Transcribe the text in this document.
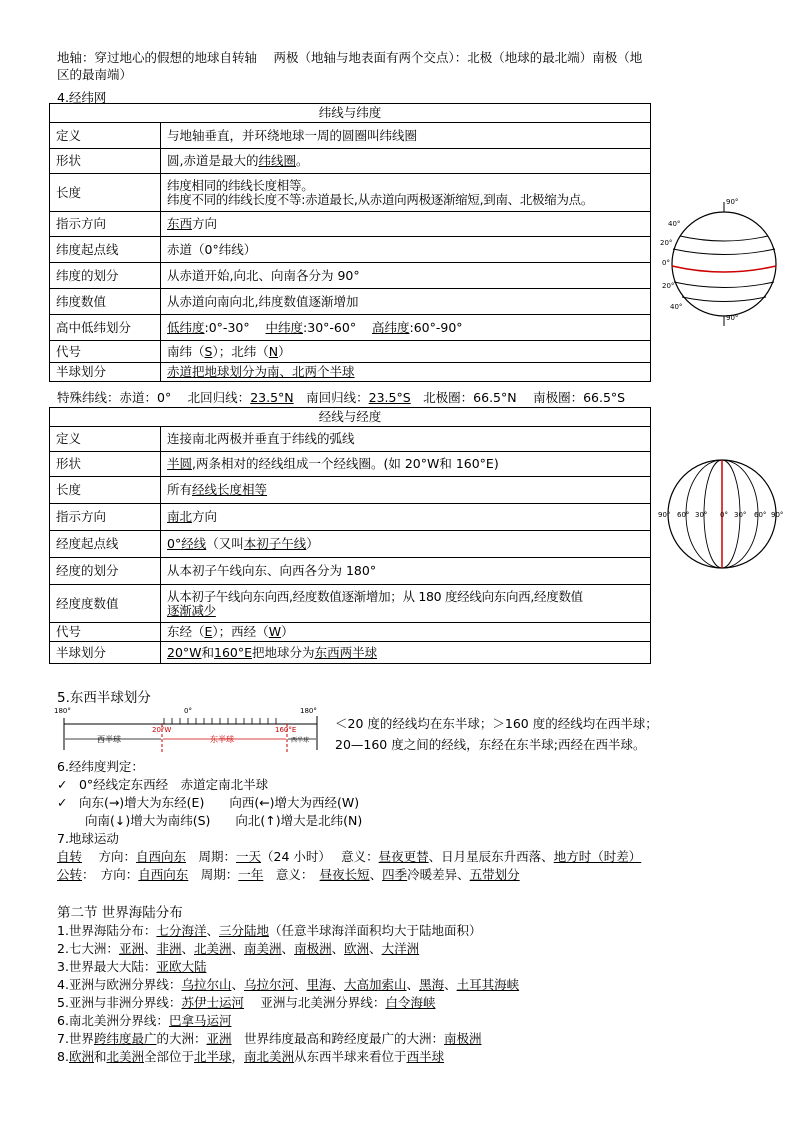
地轴：穿过地心的假想的地球自转轴　 两极（地轴与地表面有两个交点）：北极（地球的最北端）南极（地
区的最南端）
4.经纬网
纬线与纬度	
定义	与地轴垂直，并环绕地球一周的圆圈叫纬线圈
形状	圆,赤道是最大的纬线圈。
长度	纬度相同的纬线长度相等。
纬度不同的纬线长度不等:赤道最长,从赤道向两极逐渐缩短,到南、北极缩为点。

指示方向	东西方向
纬度起点线	赤道（0°纬线）
纬度的划分	从赤道开始,向北、向南各分为 90°
纬度数值	从赤道向南向北,纬度数值逐渐增加
高中低纬划分	低纬度:0°-30° 中纬度:30°-60° 高纬度:60°-90°
代号	南纬（S）；北纬（N）
半球划分	赤道把地球划分为南、北两个半球
特殊纬线：赤道：0°　 北回归线：23.5°N　南回归线：23.5°S　北极圈：66.5°N　 南极圈：66.5°S
经线与经度	
定义	连接南北两极并垂直于纬线的弧线
形状	半圆,两条相对的经线组成一个经线圈。(如 20°W和 160°E)
长度	所有经线长度相等
指示方向	南北方向
经度起点线	0°经线（又叫本初子午线）
经度的划分	从本初子午线向东、向西各分为 180°
经度度数值	从本初子午线向东向西,经度数值逐渐增加；从 180 度经线向东向西,经度数值
逐渐减少

代号	东经（E）；西经（W）
半球划分	20°W和160°E把地球分为东西两半球
90°
40°
20°
0°
20°
40°
90°
90° 60° 30° 0° 30° 60° 90°
5.东西半球划分
180°	0°	180°
20°W	160°E
西半球	东半球	西半球
＜20 度的经线均在东半球；＞160 度的经线均在西半球；
20—160 度之间的经线，东经在东半球;西经在西半球。
6.经纬度判定：
✓ 0°经线定东西经　赤道定南北半球
✓ 向东(→)增大为东经(E)　　向西(←)增大为西经(W)
向南(↓)增大为南纬(S)　　向北(↑)增大是北纬(N)
7.地球运动
自转　 方向：自西向东　周期：一天（24 小时）　 意义：昼夜更替、日月星辰东升西落、地方时（时差）
公转：　方向：自西向东　周期：一年　意义：　昼夜长短、四季冷暖差异、五带划分
第二节 世界海陆分布
1.世界海陆分布：七分海洋、三分陆地（任意半球海洋面积均大于陆地面积）
2.七大洲：亚洲、非洲、北美洲、南美洲、南极洲、欧洲、大洋洲
3.世界最大大陆：亚欧大陆
4.亚洲与欧洲分界线：乌拉尔山、乌拉尔河、里海、大高加索山、黑海、土耳其海峡
5.亚洲与非洲分界线：苏伊士运河　 亚洲与北美洲分界线：白令海峡
6.南北美洲分界线：巴拿马运河
7.世界跨纬度最广的大洲：亚洲　世界纬度最高和跨经度最广的大洲：南极洲
8.欧洲和北美洲全部位于北半球，南北美洲从东西半球来看位于西半球
